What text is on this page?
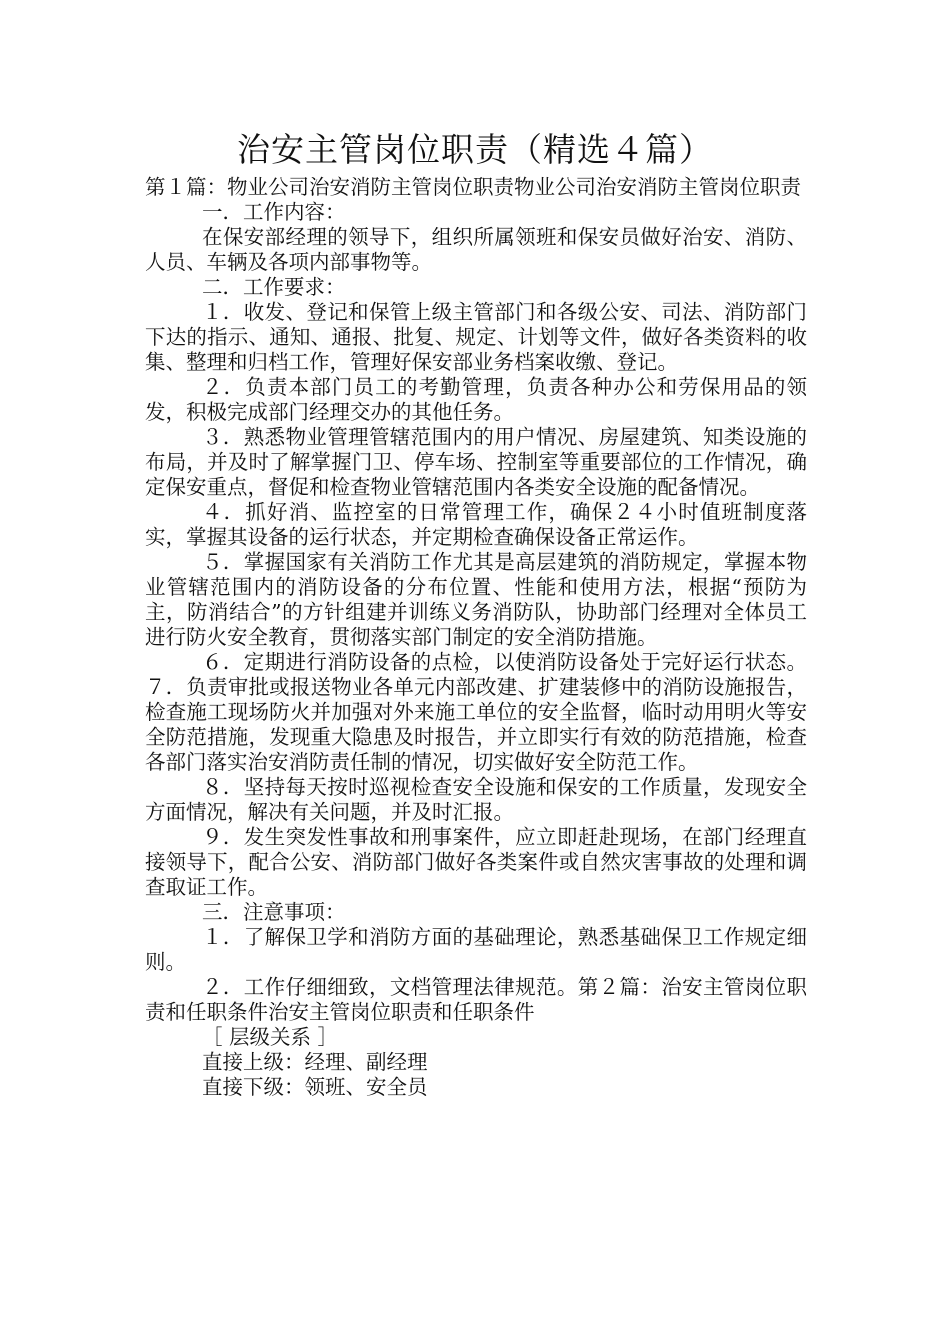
治安主管岗位职责（精选４篇）

第１篇：物业公司治安消防主管岗位职责物业公司治安消防主管岗位职责

一．工作内容：

在保安部经理的领导下，组织所属领班和保安员做好治安、消防、人员、车辆及各项内部事物等。

二．工作要求：

１．收发、登记和保管上级主管部门和各级公安、司法、消防部门下达的指示、通知、通报、批复、规定、计划等文件，做好各类资料的收集、整理和归档工作，管理好保安部业务档案收缴、登记。

２．负责本部门员工的考勤管理，负责各种办公和劳保用品的领发，积极完成部门经理交办的其他任务。

３．熟悉物业管理管辖范围内的用户情况、房屋建筑、知类设施的布局，并及时了解掌握门卫、停车场、控制室等重要部位的工作情况，确定保安重点，督促和检查物业管辖范围内各类安全设施的配备情况。

４．抓好消、监控室的日常管理工作，确保２４小时值班制度落实，掌握其设备的运行状态，并定期检查确保设备正常运作。

５．掌握国家有关消防工作尤其是高层建筑的消防规定，掌握本物业管辖范围内的消防设备的分布位置、性能和使用方法，根据“预防为主，防消结合”的方针组建并训练义务消防队，协助部门经理对全体员工进行防火安全教育，贯彻落实部门制定的安全消防措施。

６．定期进行消防设备的点检，以使消防设备处于完好运行状态。 ７．负责审批或报送物业各单元内部改建、扩建装修中的消防设施报告，检查施工现场防火并加强对外来施工单位的安全监督，临时动用明火等安全防范措施，发现重大隐患及时报告，并立即实行有效的防范措施，检查各部门落实治安消防责任制的情况，切实做好安全防范工作。

８．坚持每天按时巡视检查安全设施和保安的工作质量，发现安全方面情况，解决有关问题，并及时汇报。

９．发生突发性事故和刑事案件，应立即赶赴现场，在部门经理直接领导下，配合公安、消防部门做好各类案件或自然灾害事故的处理和调查取证工作。

三．注意事项：

１．了解保卫学和消防方面的基础理论，熟悉基础保卫工作规定细则。

２．工作仔细细致，文档管理法律规范。第２篇：治安主管岗位职责和任职条件治安主管岗位职责和任职条件

［ 层级关系 ］

直接上级：经理、副经理

直接下级：领班、安全员
